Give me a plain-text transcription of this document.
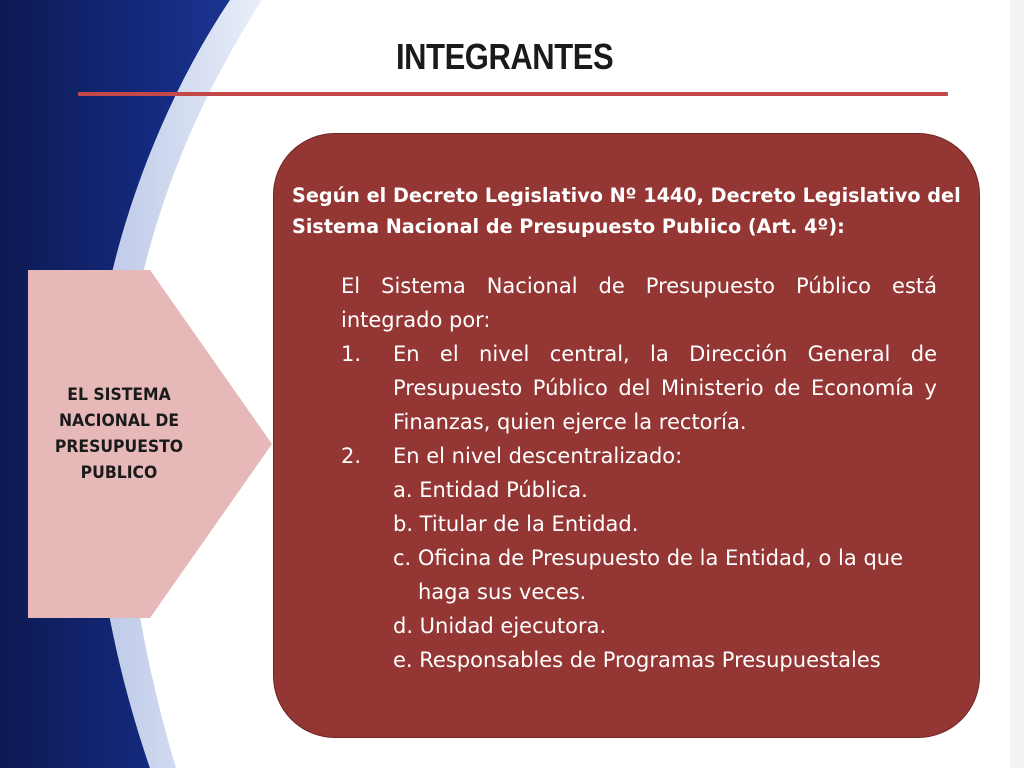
INTEGRANTES
EL SISTEMA
NACIONAL DE
PRESUPUESTO
PUBLICO
Según el Decreto Legislativo Nº 1440, Decreto Legislativo del Sistema Nacional de Presupuesto Publico (Art. 4º):
El Sistema Nacional de Presupuesto Público está integrado por:
1.	En el nivel central, la Dirección General de Presupuesto Público del Ministerio de Economía y Finanzas, quien ejerce la rectoría.
2.	En el nivel descentralizado:
a. Entidad Pública.
b. Titular de la Entidad.
c. Oficina de Presupuesto de la Entidad, o la que haga sus veces.
d. Unidad ejecutora.
e. Responsables de Programas Presupuestales
